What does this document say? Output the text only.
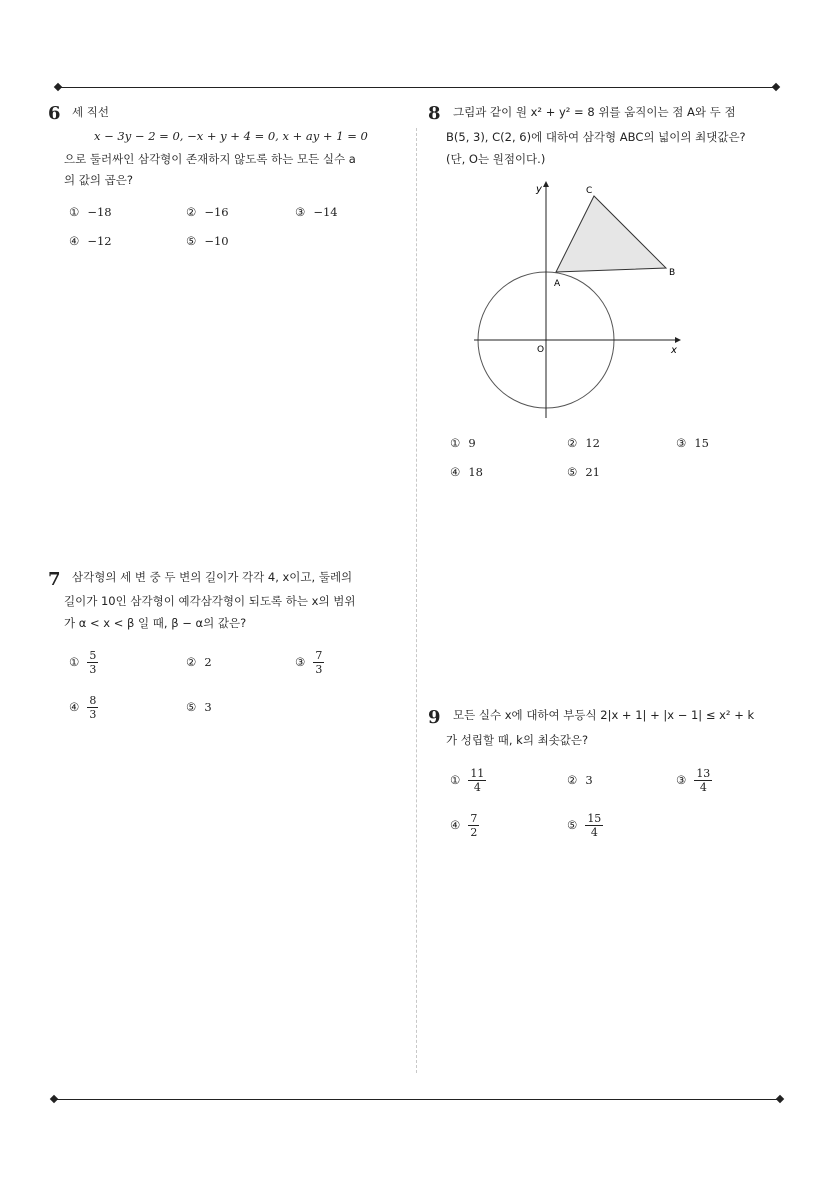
6 세 직선
x − 3y − 2 = 0, −x + y + 4 = 0, x + ay + 1 = 0
으로 둘러싸인 삼각형이 존재하지 않도록 하는 모든 실수 a
의 값의 곱은?
① −18	② −16	③ −14
④ −12	⑤ −10
7 삼각형의 세 변 중 두 변의 길이가 각각 4, x이고, 둘레의
길이가 10인 삼각형이 예각삼각형이 되도록 하는 x의 범위
가 α < x < β 일 때, β − α의 값은?
① $\frac{5}{3}$	② 2	③ $\frac{7}{3}$
④ $\frac{8}{3}$	⑤ 3
8 그림과 같이 원 x² + y² = 8 위를 움직이는 점 A와 두 점
B(5, 3), C(2, 6)에 대하여 삼각형 ABC의 넓이의 최댓값은?
(단, O는 원점이다.)
x
y
O
A
B
C
① 9	② 12	③ 15
④ 18	⑤ 21
9 모든 실수 x에 대하여 부등식 2|x + 1| + |x − 1| ≤ x² + k
가 성립할 때, k의 최솟값은?
① $\frac{11}{4}$	② 3	③ $\frac{13}{4}$
④ $\frac{7}{2}$	⑤ $\frac{15}{4}$
